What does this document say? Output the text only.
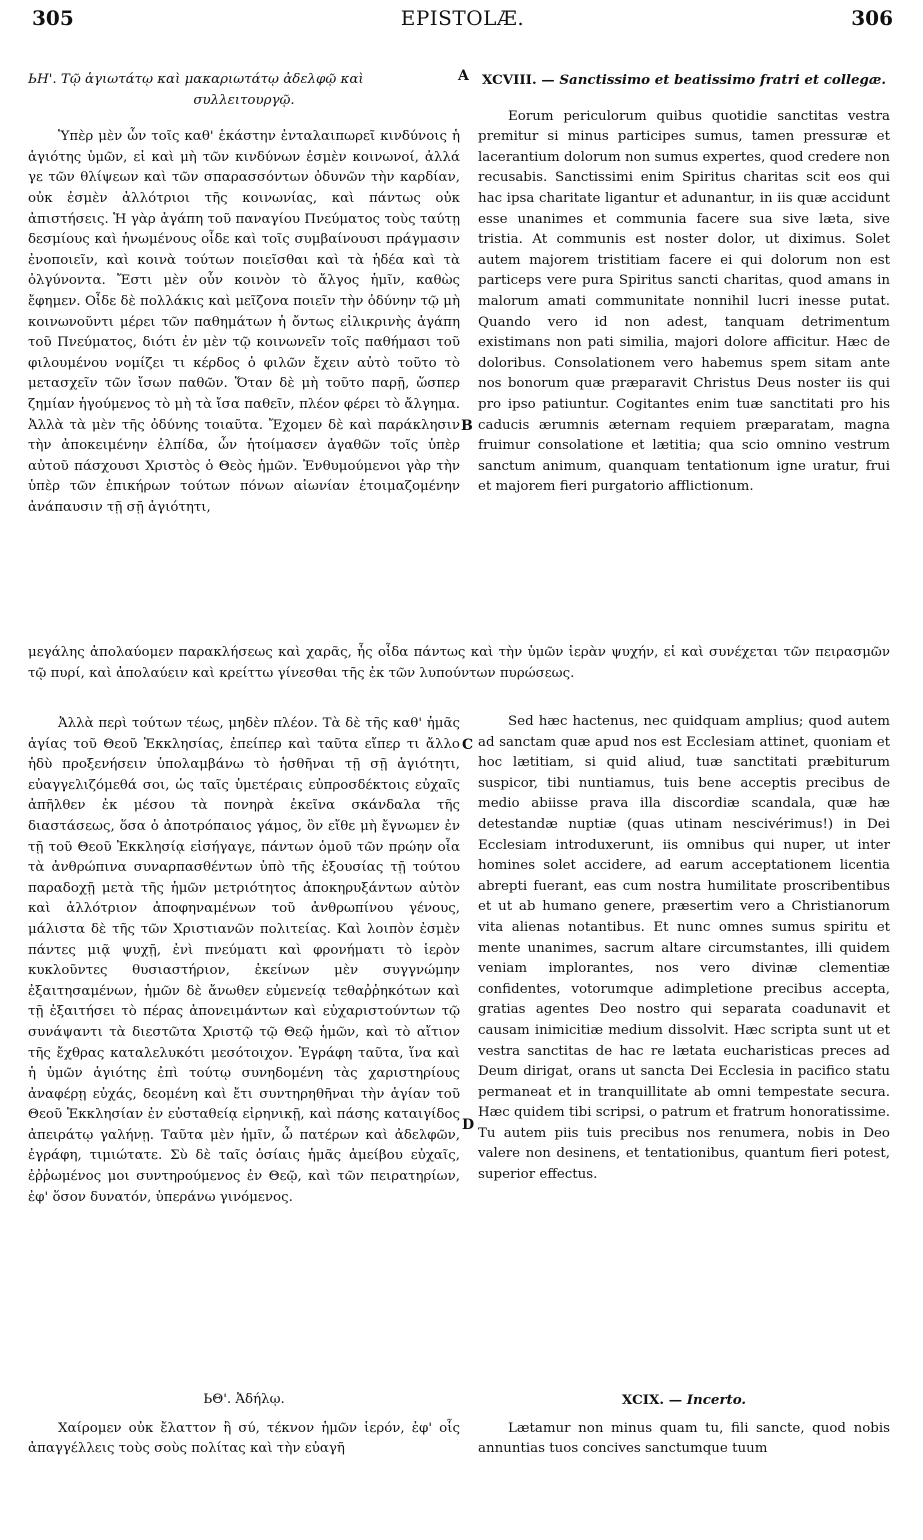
305	EPISTOLÆ.	306

ЬΗ'. Τῷ ἁγιωτάτῳ καὶ μακαριωτάτῳ ἀδελφῷ καὶ
συλλειτουργῷ.

Ὑπὲρ μὲν ὧν τοῖς καθ' ἑκάστην ἐνταλαιπωρεῖ κινδύνοις ἡ ἁγιότης ὑμῶν, εἰ καὶ μὴ τῶν κινδύνων ἐσμὲν κοινωνοί, ἀλλά γε τῶν θλίψεων καὶ τῶν σπαρασσόντων ὀδυνῶν τὴν καρδίαν, οὐκ ἐσμὲν ἀλλότριοι τῆς κοινωνίας, καὶ πάντως οὐκ ἀπιστήσεις. Ἡ γὰρ ἀγάπη τοῦ παναγίου Πνεύματος τοὺς ταύτῃ δεσμίους καὶ ἡνωμένους οἶδε καὶ τοῖς συμβαίνουσι πράγμασιν ἐνοποιεῖν, καὶ κοινὰ τούτων ποιεῖσθαι καὶ τὰ ἡδέα καὶ τὰ ὀλγύνοντα. Ἔστι μὲν οὖν κοινὸν τὸ ἄλγος ἡμῖν, καθὼς ἔφημεν. Οἶδε δὲ πολλάκις καὶ μεῖζονα ποιεῖν τὴν ὀδύνην τῷ μὴ κοινωνοῦντι μέρει τῶν παθημάτων ἡ ὄντως εἰλικρινὴς ἀγάπη τοῦ Πνεύματος, διότι ἐν μὲν τῷ κοινωνεῖν τοῖς παθήμασι τοῦ φιλουμένου νομίζει τι κέρδος ὁ φιλῶν ἔχειν αὐτὸ τοῦτο τὸ μετασχεῖν τῶν ἴσων παθῶν. Ὅταν δὲ μὴ τοῦτο παρῇ, ὥσπερ ζημίαν ἡγούμενος τὸ μὴ τὰ ἴσα παθεῖν, πλέον φέρει τὸ ἄλγημα. Ἀλλὰ τὰ μὲν τῆς ὀδύνης τοιαῦτα. Ἔχομεν δὲ καὶ παράκλησιν τὴν ἀποκειμένην ἐλπίδα, ὧν ἡτοίμασεν ἀγαθῶν τοῖς ὑπὲρ αὐτοῦ πάσχουσι Χριστὸς ὁ Θεὸς ἡμῶν. Ἐνθυμούμενοι γὰρ τὴν ὑπὲρ τῶν ἐπικήρων τούτων πόνων αἰωνίαν ἑτοιμαζομένην ἀνάπαυσιν τῇ σῇ ἁγιότητι,

XCVIII. — Sanctissimo et beatissimo fratri et collegæ.

Eorum periculorum quibus quotidie sanctitas vestra premitur si minus participes sumus, tamen pressuræ et lacerantium dolorum non sumus expertes, quod credere non recusabis. Sanctissimi enim Spiritus charitas scit eos qui hac ipsa charitate ligantur et adunantur, in iis quæ accidunt esse unanimes et communia facere sua sive læta, sive tristia. At communis est noster dolor, ut diximus. Solet autem majorem tristitiam facere ei qui dolorum non est particeps vere pura Spiritus sancti charitas, quod amans in malorum amati communitate nonnihil lucri inesse putat. Quando vero id non adest, tanquam detrimentum existimans non pati similia, majori dolore afficitur. Hæc de doloribus. Consolationem vero habemus spem sitam ante nos bonorum quæ præparavit Christus Deus noster iis qui pro ipso patiuntur. Cogitantes enim tuæ sanctitati pro his caducis ærumnis æternam requiem præparatam, magna fruimur consolatione et lætitia; qua scio omnino vestrum sanctum animum, quanquam tentationum igne uratur, frui et majorem fieri purgatorio afflictionum.

μεγάλης ἀπολαύομεν παρακλήσεως καὶ χαρᾶς, ἧς οἶδα πάντως καὶ τὴν ὑμῶν ἱερὰν ψυχήν, εἰ καὶ συνέχεται τῶν πειρασμῶν τῷ πυρί, καὶ ἀπολαύειν καὶ κρείττω γίνεσθαι τῆς ἐκ τῶν λυπούντων πυρώσεως.

Ἀλλὰ περὶ τούτων τέως, μηδὲν πλέον. Τὰ δὲ τῆς καθ' ἡμᾶς ἁγίας τοῦ Θεοῦ Ἐκκλησίας, ἐπείπερ καὶ ταῦτα εἴπερ τι ἄλλο ἡδὺ προξενήσειν ὑπολαμβάνω τὸ ἡσθῆναι τῇ σῇ ἁγιότητι, εὐαγγελιζόμεθά σοι, ὡς ταῖς ὑμετέραις εὐπροσδέκτοις εὐχαῖς ἀπῆλθεν ἐκ μέσου τὰ πονηρὰ ἐκεῖνα σκάνδαλα τῆς διαστάσεως, ὅσα ὁ ἀποτρόπαιος γάμος, ὃν εἴθε μὴ ἔγνωμεν ἐν τῇ τοῦ Θεοῦ Ἐκκλησίᾳ εἰσήγαγε, πάντων ὁμοῦ τῶν πρώην οἷα τὰ ἀνθρώπινα συναρπασθέντων ὑπὸ τῆς ἐξουσίας τῇ τούτου παραδοχῇ μετὰ τῆς ἡμῶν μετριότητος ἀποκηρυξάντων αὐτὸν καὶ ἀλλότριον ἀποφηναμένων τοῦ ἀνθρωπίνου γένους, μάλιστα δὲ τῆς τῶν Χριστιανῶν πολιτείας. Καὶ λοιπὸν ἐσμὲν πάντες μιᾷ ψυχῇ, ἐνὶ πνεύματι καὶ φρονήματι τὸ ἱερὸν κυκλοῦντες θυσιαστήριον, ἐκείνων μὲν συγγνώμην ἐξαιτησαμένων, ἡμῶν δὲ ἄνωθεν εὐμενείᾳ τεθαῤῥηκότων καὶ τῇ ἐξαιτήσει τὸ πέρας ἀπονειμάντων καὶ εὐχαριστούντων τῷ συνάψαντι τὰ διεστῶτα Χριστῷ τῷ Θεῷ ἡμῶν, καὶ τὸ αἴτιον τῆς ἔχθρας καταλελυκότι μεσότοιχον. Ἐγράφη ταῦτα, ἵνα καὶ ἡ ὑμῶν ἁγιότης ἐπὶ τούτῳ συνηδομένη τὰς χαριστηρίους ἀναφέρῃ εὐχάς, δεομένη καὶ ἔτι συντηρηθῆναι τὴν ἁγίαν τοῦ Θεοῦ Ἐκκλησίαν ἐν εὐσταθείᾳ εἰρηνικῇ, καὶ πάσης καταιγίδος ἀπειράτῳ γαλήνῃ. Ταῦτα μὲν ἡμῖν, ὦ πατέρων καὶ ἀδελφῶν, ἐγράφη, τιμιώτατε. Σὺ δὲ ταῖς ὁσίαις ἡμᾶς ἀμείβου εὐχαῖς, ἐῤῥωμένος μοι συντηρούμενος ἐν Θεῷ, καὶ τῶν πειρατηρίων, ἐφ' ὅσον δυνατόν, ὑπεράνω γινόμενος.

Sed hæc hactenus, nec quidquam amplius; quod autem ad sanctam quæ apud nos est Ecclesiam attinet, quoniam et hoc lætitiam, si quid aliud, tuæ sanctitati præbiturum suspicor, tibi nuntiamus, tuis bene acceptis precibus de medio abiisse prava illa discordiæ scandala, quæ hæ detestandæ nuptiæ (quas utinam nescivérimus!) in Dei Ecclesiam introduxerunt, iis omnibus qui nuper, ut inter homines solet accidere, ad earum acceptationem licentia abrepti fuerant, eas cum nostra humilitate proscribentibus et ut ab humano genere, præsertim vero a Christianorum vita alienas notantibus. Et nunc omnes sumus spiritu et mente unanimes, sacrum altare circumstantes, illi quidem veniam implorantes, nos vero divinæ clementiæ confidentes, votorumque adimpletione precibus accepta, gratias agentes Deo nostro qui separata coadunavit et causam inimicitiæ medium dissolvit. Hæc scripta sunt ut et vestra sanctitas de hac re lætata eucharisticas preces ad Deum dirigat, orans ut sancta Dei Ecclesia in pacifico statu permaneat et in tranquillitate ab omni tempestate secura. Hæc quidem tibi scripsi, o patrum et fratrum honoratissime. Tu autem piis tuis precibus nos renumera, nobis in Deo valere non desinens, et tentationibus, quantum fieri potest, superior effectus.

ЬΘ'. Ἀδήλῳ.

Χαίρομεν οὐκ ἔλαττον ἢ σύ, τέκνον ἡμῶν ἱερόν, ἐφ' οἷς ἀπαγγέλλεις τοὺς σοὺς πολίτας καὶ τὴν εὐαγῆ

XCIX. — Incerto.

Lætamur non minus quam tu, fili sancte, quod nobis annuntias tuos concives sanctumque tuum

A
B
C
D
